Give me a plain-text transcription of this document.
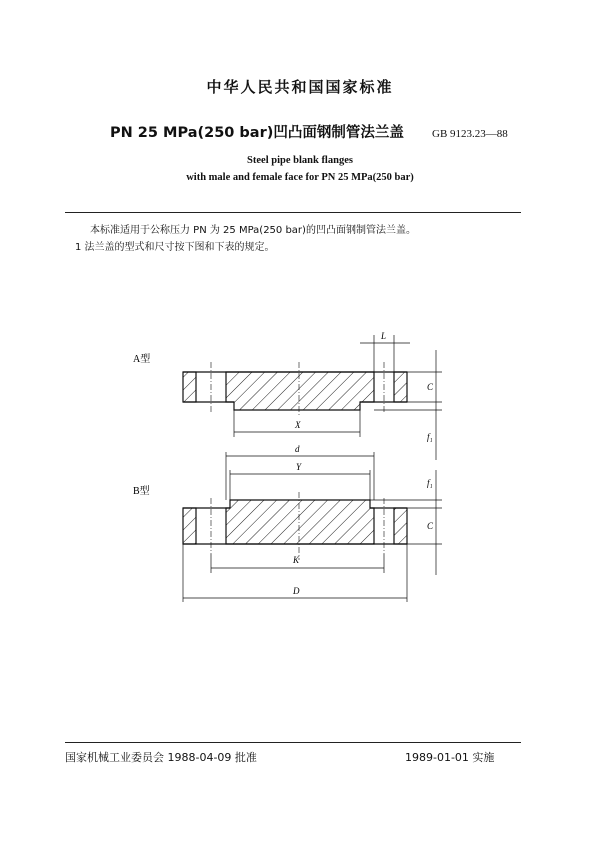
中华人民共和国国家标准
PN 25 MPa(250 bar)凹凸面钢制管法兰盖	GB 9123.23—88
Steel pipe blank flanges
with male and female face for PN 25 MPa(250 bar)
本标准适用于公称压力 PN 为 25 MPa(250 bar)的凹凸面钢制管法兰盖。
1 法兰盖的型式和尺寸按下图和下表的规定。
A型
L
C
f₁
X
B型
d
Y
f₁
C
K
D
国家机械工业委员会 1988-04-09 批准	1989-01-01 实施
